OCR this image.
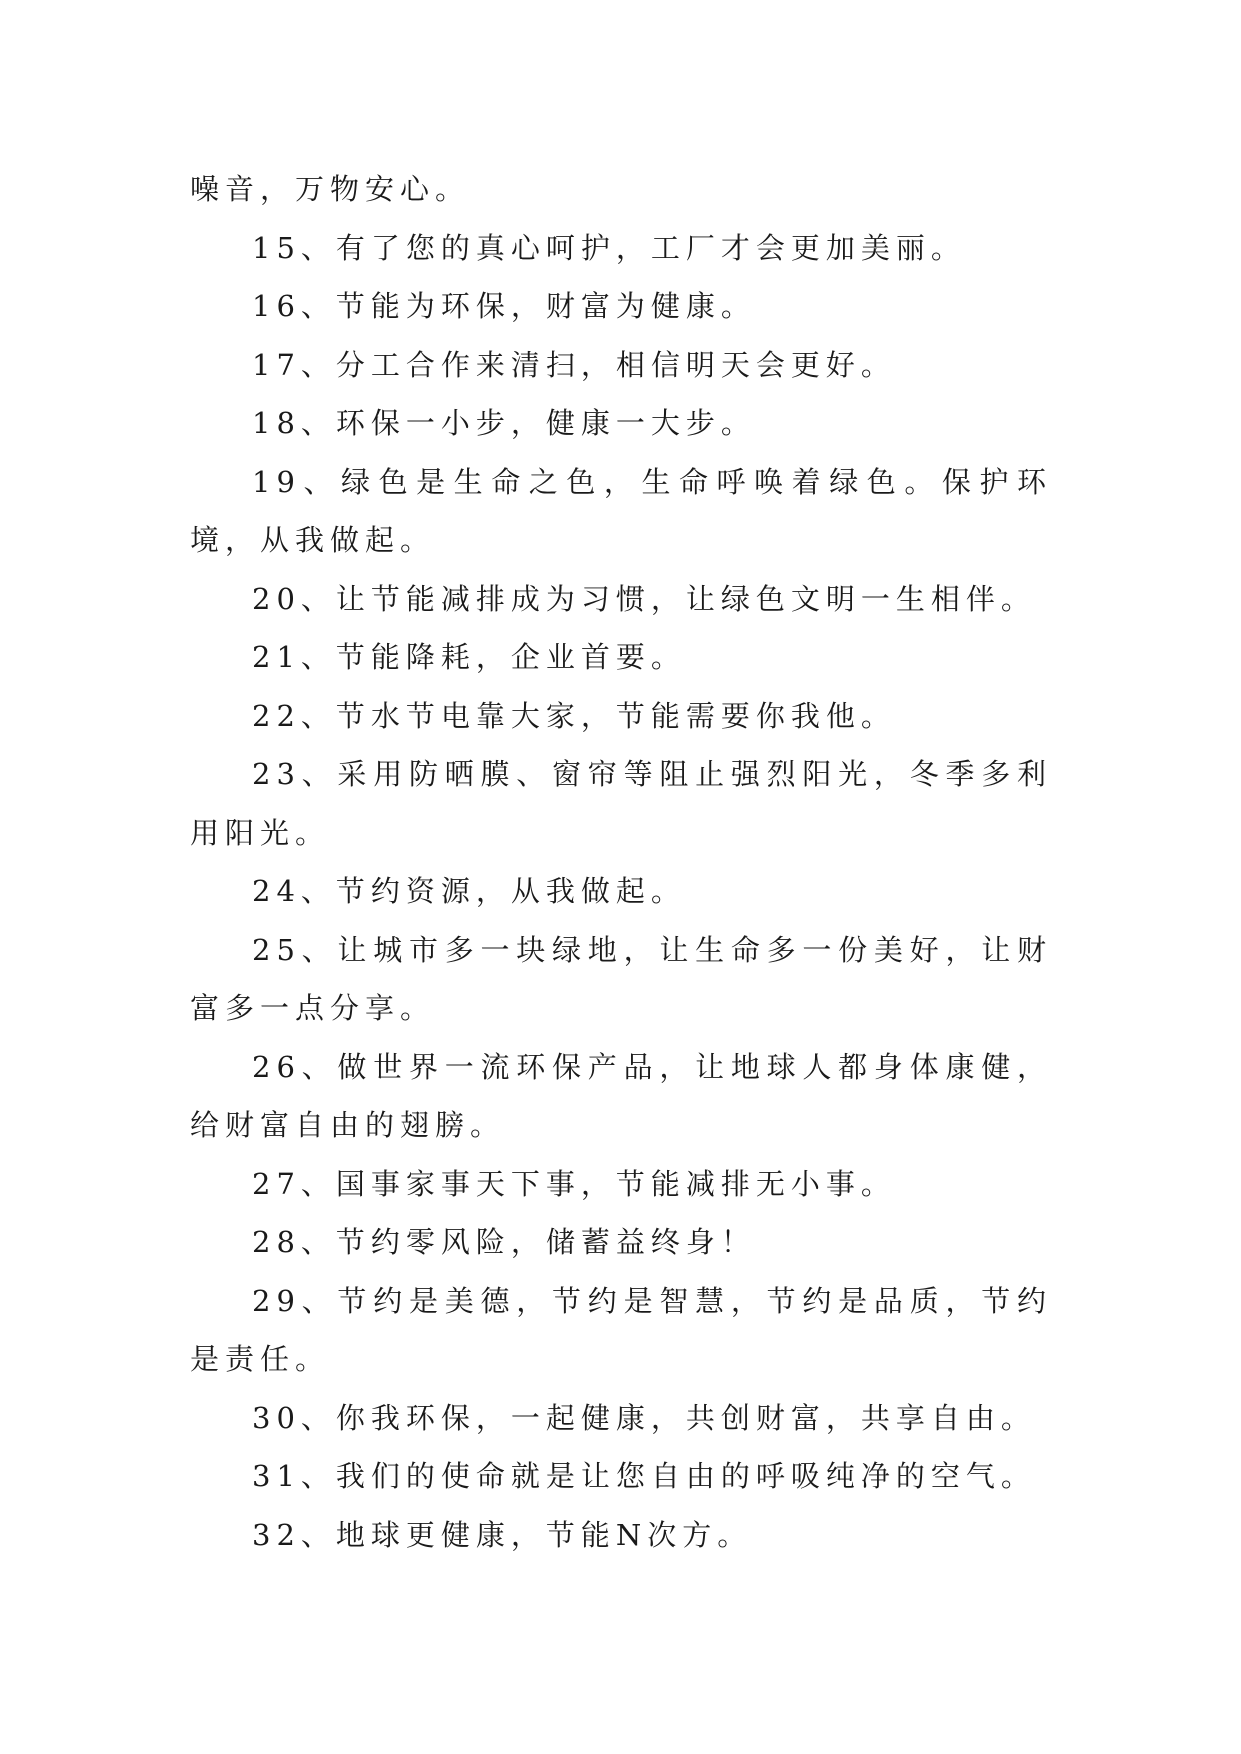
噪音，万物安心。

15、有了您的真心呵护，工厂才会更加美丽。

16、节能为环保，财富为健康。

17、分工合作来清扫，相信明天会更好。

18、环保一小步，健康一大步。

19、绿色是生命之色，生命呼唤着绿色。保护环境，从我做起。

20、让节能减排成为习惯，让绿色文明一生相伴。

21、节能降耗，企业首要。

22、节水节电靠大家，节能需要你我他。

23、采用防晒膜、窗帘等阻止强烈阳光，冬季多利用阳光。

24、节约资源，从我做起。

25、让城市多一块绿地，让生命多一份美好，让财富多一点分享。

26、做世界一流环保产品，让地球人都身体康健，给财富自由的翅膀。

27、国事家事天下事，节能减排无小事。

28、节约零风险，储蓄益终身！

29、节约是美德，节约是智慧，节约是品质，节约是责任。

30、你我环保，一起健康，共创财富，共享自由。

31、我们的使命就是让您自由的呼吸纯净的空气。

32、地球更健康，节能N次方。
